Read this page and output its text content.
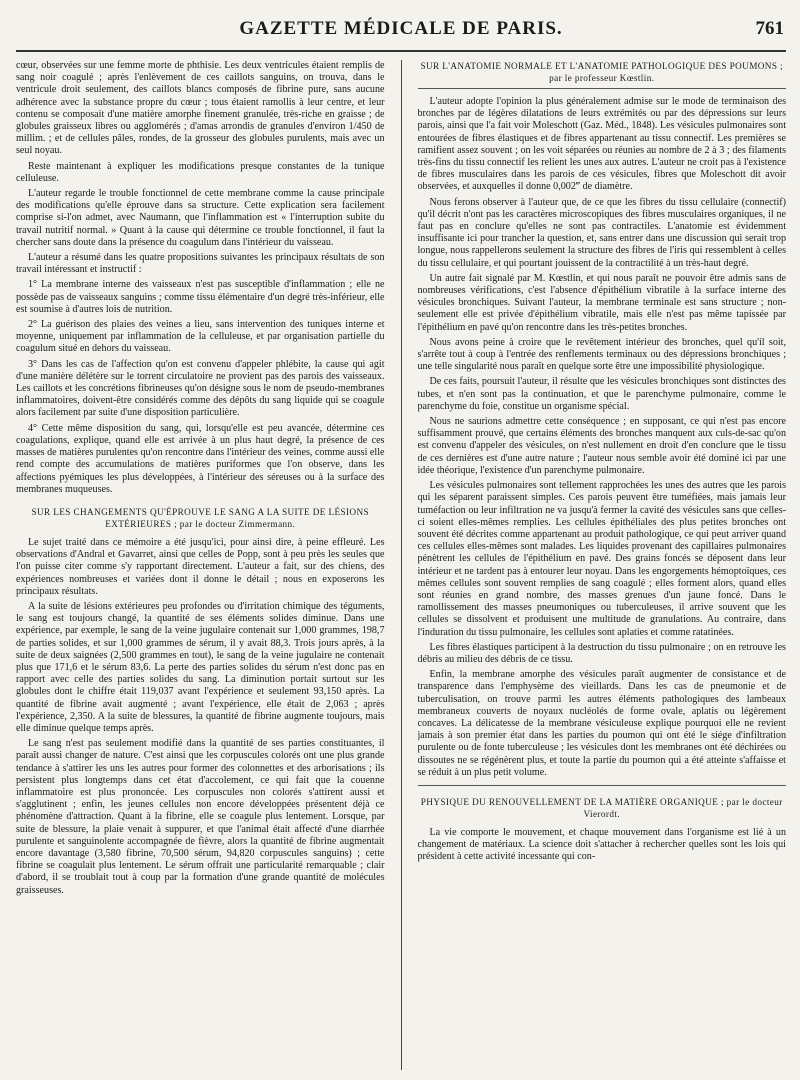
GAZETTE MÉDICALE DE PARIS.	761

cœur, observées sur une femme morte de phthisie. Les deux ventricules étaient remplis de sang noir coagulé ; après l'enlèvement de ces caillots sanguins, on trouva, dans le ventricule droit seulement, des caillots blancs composés de fibrine pure, sans aucune adhérence avec la substance propre du cœur ; tous étaient ramollis à leur centre, et leur contenu se composait d'une matière amorphe finement granulée, très-riche en graisse ; de globules graisseux libres ou agglomérés ; d'amas arrondis de granules d'environ 1/450 de millim. ; et de cellules pâles, rondes, de la grosseur des globules purulents, mais avec un seul noyau.

Reste maintenant à expliquer les modifications presque constantes de la tunique celluleuse.

L'auteur regarde le trouble fonctionnel de cette membrane comme la cause principale des modifications qu'elle éprouve dans sa structure. Cette explication sera facilement comprise si-l'on admet, avec Naumann, que l'inflammation est « l'interruption subite du travail nutritif normal. » Quant à la cause qui détermine ce trouble fonctionnel, il faut la chercher sans doute dans la présence du coagulum dans l'intérieur du vaisseau.

L'auteur a résumé dans les quatre propositions suivantes les principaux résultats de son travail intéressant et instructif :

1° La membrane interne des vaisseaux n'est pas susceptible d'inflammation ; elle ne possède pas de vaisseaux sanguins ; comme tissu élémentaire d'un degré très-inférieur, elle est soumise à d'autres lois de nutrition.

2° La guérison des plaies des veines a lieu, sans intervention des tuniques interne et moyenne, uniquement par inflammation de la celluleuse, et par organisation partielle du coagulum situé en dehors du vaisseau.

3° Dans les cas de l'affection qu'on est convenu d'appeler phlébite, la cause qui agit d'une manière délétère sur le torrent circulatoire ne provient pas des parois des vaisseaux. Les caillots et les concrétions fibrineuses qu'on désigne sous le nom de pseudo-membranes inflammatoires, doivent-être considérés comme des dépôts du sang liquide qui se coagule alors facilement par suite d'une disposition particulière.

4° Cette même disposition du sang, qui, lorsqu'elle est peu avancée, détermine ces coagulations, explique, quand elle est arrivée à un plus haut degré, la présence de ces masses de matières purulentes qu'on rencontre dans l'intérieur des veines, comme aussi elle rend compte des accumulations de matières puriformes que l'on observe, dans les affections pyémiques les plus développées, à l'intérieur des séreuses ou à la surface des membranes muqueuses.

SUR LES CHANGEMENTS QU'ÉPROUVE LE SANG A LA SUITE DE LÉSIONS EXTÉRIEURES ; par le docteur Zimmermann.

Le sujet traité dans ce mémoire a été jusqu'ici, pour ainsi dire, à peine effleuré. Les observations d'Andral et Gavarret, ainsi que celles de Popp, sont à peu près les seules que l'on puisse citer comme s'y rapportant directement. L'auteur a fait, sur des chiens, des expériences nombreuses et variées dont il donne le détail ; nous en exposerons les principaux résultats.

A la suite de lésions extérieures peu profondes ou d'irritation chimique des téguments, le sang est toujours changé, la quantité de ses éléments solides diminue. Dans une expérience, par exemple, le sang de la veine jugulaire contenait sur 1,000 grammes, 198,7 de parties solides, et sur 1,000 grammes de sérum, il y avait 88,3. Trois jours après, à la suite de deux saignées (2,500 grammes en tout), le sang de la veine jugulaire ne contenait plus que 171,6 et le sérum 83,6. La perte des parties solides du sérum n'est donc pas en rapport avec celle des parties solides du sang. La diminution portait surtout sur les globules dont le chiffre était 119,037 avant l'expérience et seulement 93,150 après. La quantité de fibrine avait augmenté ; avant l'expérience, elle était de 2,063 ; après l'expérience, 2,350. A la suite de blessures, la quantité de fibrine augmente toujours, mais elle diminue quelque temps après.

Le sang n'est pas seulement modifié dans la quantité de ses parties constituantes, il paraît aussi changer de nature. C'est ainsi que les corpuscules colorés ont une plus grande tendance à s'attirer les uns les autres pour former des colonnettes et des arborisations ; ils persistent plus longtemps dans cet état d'accolement, ce qui fait que la couenne inflammatoire est plus prononcée. Les corpuscules non colorés s'attirent aussi et s'agglutinent ; enfin, les jeunes cellules non encore développées présentent déjà ce phénomène d'attraction. Quant à la fibrine, elle se coagule plus lentement. Lorsque, par suite de blessure, la plaie venait à suppurer, et que l'animal était affecté d'une diarrhée purulente et sanguinolente accompagnée de fièvre, alors la quantité de fibrine augmentait encore davantage (3,580 fibrine, 70,500 sérum, 94,820 corpuscules sanguins) ; cette fibrine se coagulait plus lentement. Le sérum offrait une particularité remarquable ; clair d'abord, il se troublait tout à coup par la formation d'une grande quantité de molécules graisseuses.

SUR L'ANATOMIE NORMALE ET L'ANATOMIE PATHOLOGIQUE DES POUMONS ; par le professeur Kœstlin.

L'auteur adopte l'opinion la plus généralement admise sur le mode de terminaison des bronches par de légères dilatations de leurs extrémités ou par des dépressions sur leurs parois, ainsi que l'a fait voir Moleschott (Gaz. Méd., 1848). Les vésicules pulmonaires sont entourées de fibres élastiques et de fibres appartenant au tissu connectif. Les premières se ramifient assez souvent ; on les voit séparées ou réunies au nombre de 2 à 3 ; des filaments très-fins du tissu connectif les relient les unes aux autres. L'auteur ne croit pas à l'existence de fibres musculaires dans les parois de ces vésicules, fibres que Moleschott dit avoir observées, et auxquelles il donne 0,002‴ de diamètre.

Nous ferons observer à l'auteur que, de ce que les fibres du tissu cellulaire (connectif) qu'il décrit n'ont pas les caractères microscopiques des fibres musculaires organiques, il ne faut pas en conclure qu'elles ne sont pas contractiles. L'anatomie est évidemment insuffisante ici pour trancher la question, et, sans entrer dans une discussion qui serait trop longue, nous rappellerons seulement la structure des fibres de l'iris qui ressemblent à celles du tissu cellulaire, et qui pourtant jouissent de la contractilité à un très-haut degré.

Un autre fait signalé par M. Kœstlin, et qui nous paraît ne pouvoir être admis sans de nombreuses vérifications, c'est l'absence d'épithélium vibratile à la surface interne des vésicules bronchiques. Suivant l'auteur, la membrane terminale est sans structure ; non-seulement elle est privée d'épithélium vibratile, mais elle n'est pas même tapissée par l'épithélium en pavé qu'on rencontre dans les très-petites bronches.

Nous avons peine à croire que le revêtement intérieur des bronches, quel qu'il soit, s'arrête tout à coup à l'entrée des renflements terminaux ou des dépressions bronchiques ; une telle singularité nous paraît en quelque sorte être une impossibilité physiologique.

De ces faits, poursuit l'auteur, il résulte que les vésicules bronchiques sont distinctes des tubes, et n'en sont pas la continuation, et que le parenchyme pulmonaire, comme le parenchyme du foie, constitue un organisme spécial.

Nous ne saurions admettre cette conséquence ; en supposant, ce qui n'est pas encore suffisamment prouvé, que certains éléments des bronches manquent aux culs-de-sac qu'on est convenu d'appeler des vésicules, on n'est nullement en droit d'en conclure que le tissu de ces dernières est d'une autre nature ; l'auteur nous semble avoir été dominé ici par une idée théorique, l'existence d'un parenchyme pulmonaire.

Les vésicules pulmonaires sont tellement rapprochées les unes des autres que les parois qui les séparent paraissent simples. Ces parois peuvent être tuméfiées, mais jamais leur tuméfaction ou leur infiltration ne va jusqu'à fermer la cavité des vésicules sans que celles-ci soient elles-mêmes remplies. Les cellules épithéliales des plus petites bronches ont souvent été décrites comme appartenant au produit pathologique, ce qui peut arriver quand ces cellules elles-mêmes sont malades. Les liquides provenant des capillaires pulmonaires pénètrent les cellules de l'épithélium en pavé. Des grains foncés se déposent dans leur intérieur et ne tardent pas à entourer leur noyau. Dans les engorgements hémoptoïques, ces mêmes cellules sont souvent remplies de sang coagulé ; elles forment alors, quand elles sont réunies en grand nombre, des masses grenues d'un jaune foncé. Dans le ramollissement des masses pneumoniques ou tuberculeuses, il arrive souvent que les cellules se dissolvent et produisent une multitude de granulations. Au contraire, dans l'induration du tissu pulmonaire, les cellules sont aplaties et comme ratatinées.

Les fibres élastiques participent à la destruction du tissu pulmonaire ; on en retrouve les débris au milieu des débris de ce tissu.

Enfin, la membrane amorphe des vésicules paraît augmenter de consistance et de transparence dans l'emphysème des vieillards. Dans les cas de pneumonie et de tuberculisation, on trouve parmi les autres éléments pathologiques des lambeaux membraneux couverts de noyaux nucléolés de forme ovale, aplatis ou légèrement concaves. La délicatesse de la membrane vésiculeuse explique pourquoi elle ne revient jamais à son premier état dans les parties du poumon qui ont été le siége d'infiltration purulente ou de fonte tuberculeuse ; les vésicules dont les membranes ont été déchirées ou dissoutes ne se régénèrent plus, et toute la partie du poumon qui a été atteinte s'affaisse et se réduit à un plus petit volume.

PHYSIQUE DU RENOUVELLEMENT DE LA MATIÈRE ORGANIQUE ; par le docteur Vierordt.

La vie comporte le mouvement, et chaque mouvement dans l'organisme est lié à un changement de matériaux. La science doit s'attacher à rechercher quelles sont les lois qui président à cette activité incessante qui con-
